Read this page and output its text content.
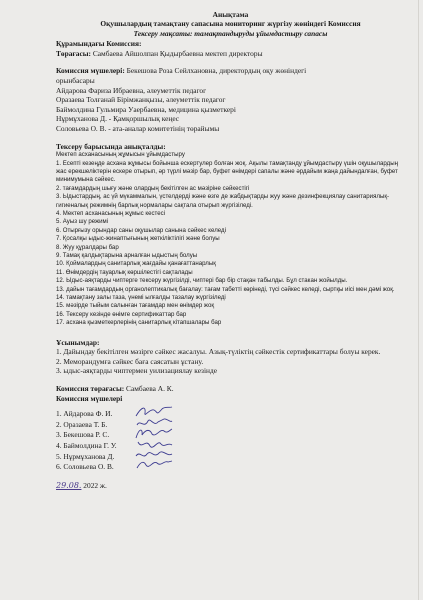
Анықтама
Оқушылардың тамақтану сапасына мониторинг жүргізу жөніндегі Комиссия
Тексеру мақсаты: тамақтандыруды ұйымдастыру сапасы
Құрамындағы Комиссия:
Төрағасы: Самбаева Айшолпан Қыдырбаевна мектеп директоры
Комиссия мүшелері: Бекешова Роза Сейлхановна, директордың оқу жөніндегі
орынбасары
Айдарова Фариза Ибраевна, әлеуметтік педагог
Оразаева Толғанай Бірімжанқызы, әлеуметтік педагог
Баймолдина Гульмира Уаербаевна, медицина қызметкері
Нұрмұханова Д. - Қамқоршылық кеңес
Соловьева О. В. - ата-аналар комитетінің төрайымы
Тексеру барысында анықталды:
Мектеп асханасының жұмысын ұйымдастыру
1. Есепті кезеңде асхана жұмысы бойынша ескертулер болған жоқ. Ақылы тамақтанду ұйымдастыру үшін оқушылардың жас ерекшеліктерін ескере отырып, әр түрлі мәзір бар, буфет өнімдері сапалы және әрдайым жаңа дайындалған, буфет минимумына сәйкес.
2. тағамдардың шығу және олардың бекітілген ас мәзіріне сәйкестігі
3. Ыдыстардың, ас үй мүкаммалын, үстелдерді және өзге де жабдықтарды жуу және дезинфекциялау санитариялық-гигиеналық режимнің барлық нормалары сақтала отырып жүргізіледі.
4. Мектеп асханасының жұмыс кестесі
5. Ауыз шу режимі
6. Отырғызу орындар саны оқушылар санына сәйкес келеді
7. Қосалқы ыдыс-жинаптығының жеткіліктілігі және болуы
8. Жуу құралдары бар
9. Тамақ қалдықтарына арналған ыдыстың болуы
10. Қоймалардың санитарлық жағдайы қанағаттанарлық
11. Өнімдердің тауарлық көршілестігі сақталады
12. Ыдыс-аяқтарды чиптерге тексеру жүргізілді, чиптері бар бір стақан табылды. Бұл стакан жойылды.
13. дайын тағамдардың органолептикалық бағалау: тағам табетті көрінеді, түсі сәйкес келеді, сыртқы иісі мен дәмі жоқ.
14. тамақтану залы таза, үнемі ылғалды тазалау жүргізіледі
15. мәзірде тыйым салынған тағамдар мен өнімдер жоқ
16. Тексеру кезінде өнімге сертификаттар бар
17. асхана қызметкерлерінің санитарлық кітапшалары бар
Ұсынымдар:
1. Дайындау бекітілген мәзірге сәйкес жасалуы. Азық-түліктің сәйкестік сертификаттары болуы керек.
2. Меморандумға сәйкес баға саясатын ұстану.
3. ыдыс-аяқтарды чиптермен уилизациялау кезінде
Комиссия төрағасы: Самбаева А. К.
Комиссия мүшелері
1. Айдарова Ф. И.
2. Оразаева Т. Б.
3. Бекешова Р. С.
4. Баймолдина Г. У.
5. Нұрмұханова Д.
6. Соловьева О. В.
29.08. 2022 ж.
